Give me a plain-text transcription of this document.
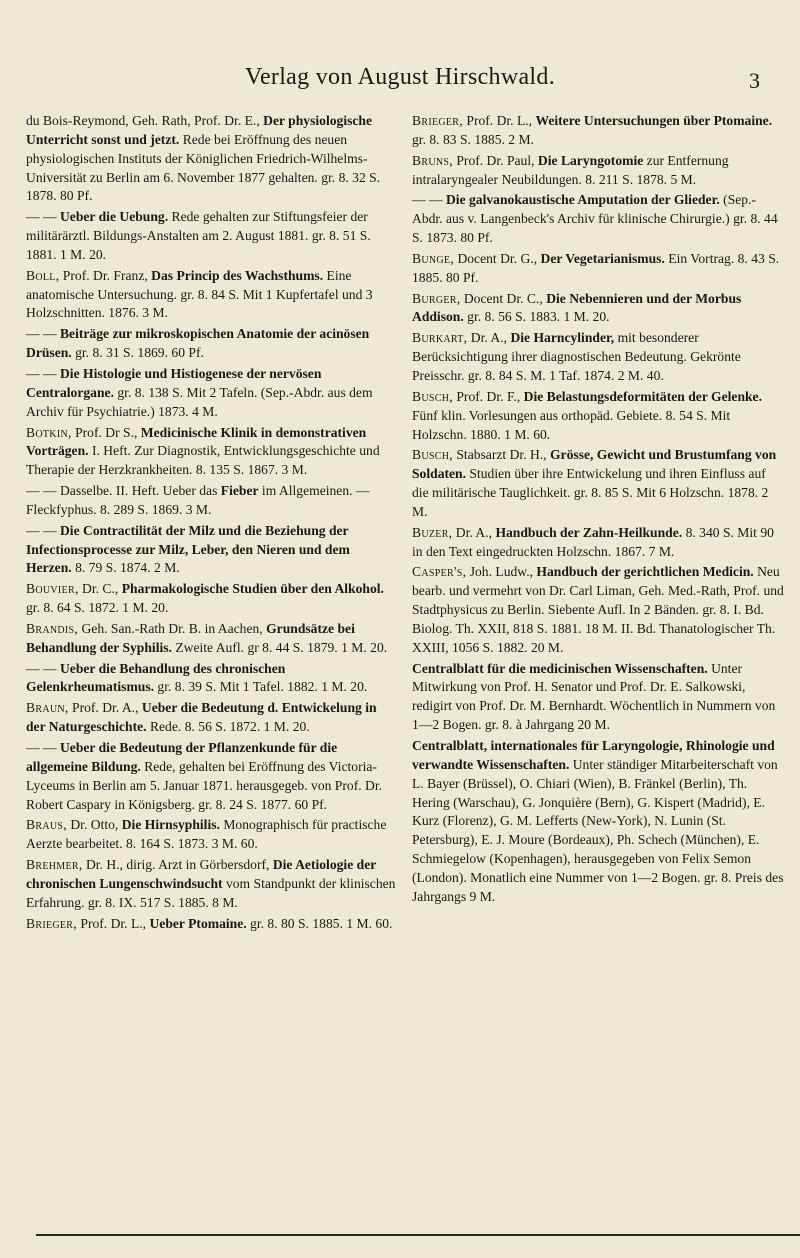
Verlag von August Hirschwald.	3

du Bois-Reymond, Geh. Rath, Prof. Dr. E., Der physiologische Unterricht sonst und jetzt. Rede bei Eröffnung des neuen physiologischen Instituts der Königlichen Friedrich-Wilhelms-Universität zu Berlin am 6. November 1877 gehalten. gr. 8. 32 S. 1878. 80 Pf.

— — Ueber die Uebung. Rede gehalten zur Stiftungsfeier der militärärztl. Bildungs-Anstalten am 2. August 1881. gr. 8. 51 S. 1881. 1 M. 20.

Boll, Prof. Dr. Franz, Das Princip des Wachsthums. Eine anatomische Untersuchung. gr. 8. 84 S. Mit 1 Kupfertafel und 3 Holzschnitten. 1876. 3 M.

— — Beiträge zur mikroskopischen Anatomie der acinösen Drüsen. gr. 8. 31 S. 1869. 60 Pf.

— — Die Histologie und Histiogenese der nervösen Centralorgane. gr. 8. 138 S. Mit 2 Tafeln. (Sep.-Abdr. aus dem Archiv für Psychiatrie.) 1873. 4 M.

Botkin, Prof. Dr S., Medicinische Klinik in demonstrativen Vorträgen. I. Heft. Zur Diagnostik, Entwicklungsgeschichte und Therapie der Herzkrankheiten. 8. 135 S. 1867. 3 M.

— — Dasselbe. II. Heft. Ueber das Fieber im Allgemeinen. — Fleckfyphus. 8. 289 S. 1869. 3 M.

— — Die Contractilität der Milz und die Beziehung der Infectionsprocesse zur Milz, Leber, den Nieren und dem Herzen. 8. 79 S. 1874. 2 M.

Bouvier, Dr. C., Pharmakologische Studien über den Alkohol. gr. 8. 64 S. 1872. 1 M. 20.

Brandis, Geh. San.-Rath Dr. B. in Aachen, Grundsätze bei Behandlung der Syphilis. Zweite Aufl. gr 8. 44 S. 1879. 1 M. 20.

— — Ueber die Behandlung des chronischen Gelenkrheumatismus. gr. 8. 39 S. Mit 1 Tafel. 1882. 1 M. 20.

Braun, Prof. Dr. A., Ueber die Bedeutung d. Entwickelung in der Naturgeschichte. Rede. 8. 56 S. 1872. 1 M. 20.

— — Ueber die Bedeutung der Pflanzenkunde für die allgemeine Bildung. Rede, gehalten bei Eröffnung des Victoria-Lyceums in Berlin am 5. Januar 1871. herausgegeb. von Prof. Dr. Robert Caspary in Königsberg. gr. 8. 24 S. 1877. 60 Pf.

Braus, Dr. Otto, Die Hirnsyphilis. Monographisch für practische Aerzte bearbeitet. 8. 164 S. 1873. 3 M. 60.

Brehmer, Dr. H., dirig. Arzt in Görbersdorf, Die Aetiologie der chronischen Lungenschwindsucht vom Standpunkt der klinischen Erfahrung. gr. 8. IX. 517 S. 1885. 8 M.

Brieger, Prof. Dr. L., Ueber Ptomaine. gr. 8. 80 S. 1885. 1 M. 60.

Brieger, Prof. Dr. L., Weitere Untersuchungen über Ptomaine. gr. 8. 83 S. 1885. 2 M.

Bruns, Prof. Dr. Paul, Die Laryngotomie zur Entfernung intralaryngealer Neubildungen. 8. 211 S. 1878. 5 M.

— — Die galvanokaustische Amputation der Glieder. (Sep.-Abdr. aus v. Langenbeck's Archiv für klinische Chirurgie.) gr. 8. 44 S. 1873. 80 Pf.

Bunge, Docent Dr. G., Der Vegetarianismus. Ein Vortrag. 8. 43 S. 1885. 80 Pf.

Burger, Docent Dr. C., Die Nebennieren und der Morbus Addison. gr. 8. 56 S. 1883. 1 M. 20.

Burkart, Dr. A., Die Harncylinder, mit besonderer Berücksichtigung ihrer diagnostischen Bedeutung. Gekrönte Preisschr. gr. 8. 84 S. M. 1 Taf. 1874. 2 M. 40.

Busch, Prof. Dr. F., Die Belastungsdeformitäten der Gelenke. Fünf klin. Vorlesungen aus orthopäd. Gebiete. 8. 54 S. Mit Holzschn. 1880. 1 M. 60.

Busch, Stabsarzt Dr. H., Grösse, Gewicht und Brustumfang von Soldaten. Studien über ihre Entwickelung und ihren Einfluss auf die militärische Tauglichkeit. gr. 8. 85 S. Mit 6 Holzschn. 1878. 2 M.

Buzer, Dr. A., Handbuch der Zahn-Heilkunde. 8. 340 S. Mit 90 in den Text eingedruckten Holzschn. 1867. 7 M.

Casper's, Joh. Ludw., Handbuch der gerichtlichen Medicin. Neu bearb. und vermehrt von Dr. Carl Liman, Geh. Med.-Rath, Prof. und Stadtphysicus zu Berlin. Siebente Aufl. In 2 Bänden. gr. 8. I. Bd. Biolog. Th. XXII, 818 S. 1881. 18 M. II. Bd. Thanatologischer Th. XXIII, 1056 S. 1882. 20 M.

Centralblatt für die medicinischen Wissenschaften. Unter Mitwirkung von Prof. H. Senator und Prof. Dr. E. Salkowski, redigirt von Prof. Dr. M. Bernhardt. Wöchentlich in Nummern von 1—2 Bogen. gr. 8. à Jahrgang 20 M.

Centralblatt, internationales für Laryngologie, Rhinologie und verwandte Wissenschaften. Unter ständiger Mitarbeiterschaft von L. Bayer (Brüssel), O. Chiari (Wien), B. Fränkel (Berlin), Th. Hering (Warschau), G. Jonquière (Bern), G. Kispert (Madrid), E. Kurz (Florenz), G. M. Lefferts (New-York), N. Lunin (St. Petersburg), E. J. Moure (Bordeaux), Ph. Schech (München), E. Schmiegelow (Kopenhagen), herausgegeben von Felix Semon (London). Monatlich eine Nummer von 1—2 Bogen. gr. 8. Preis des Jahrgangs 9 M.
